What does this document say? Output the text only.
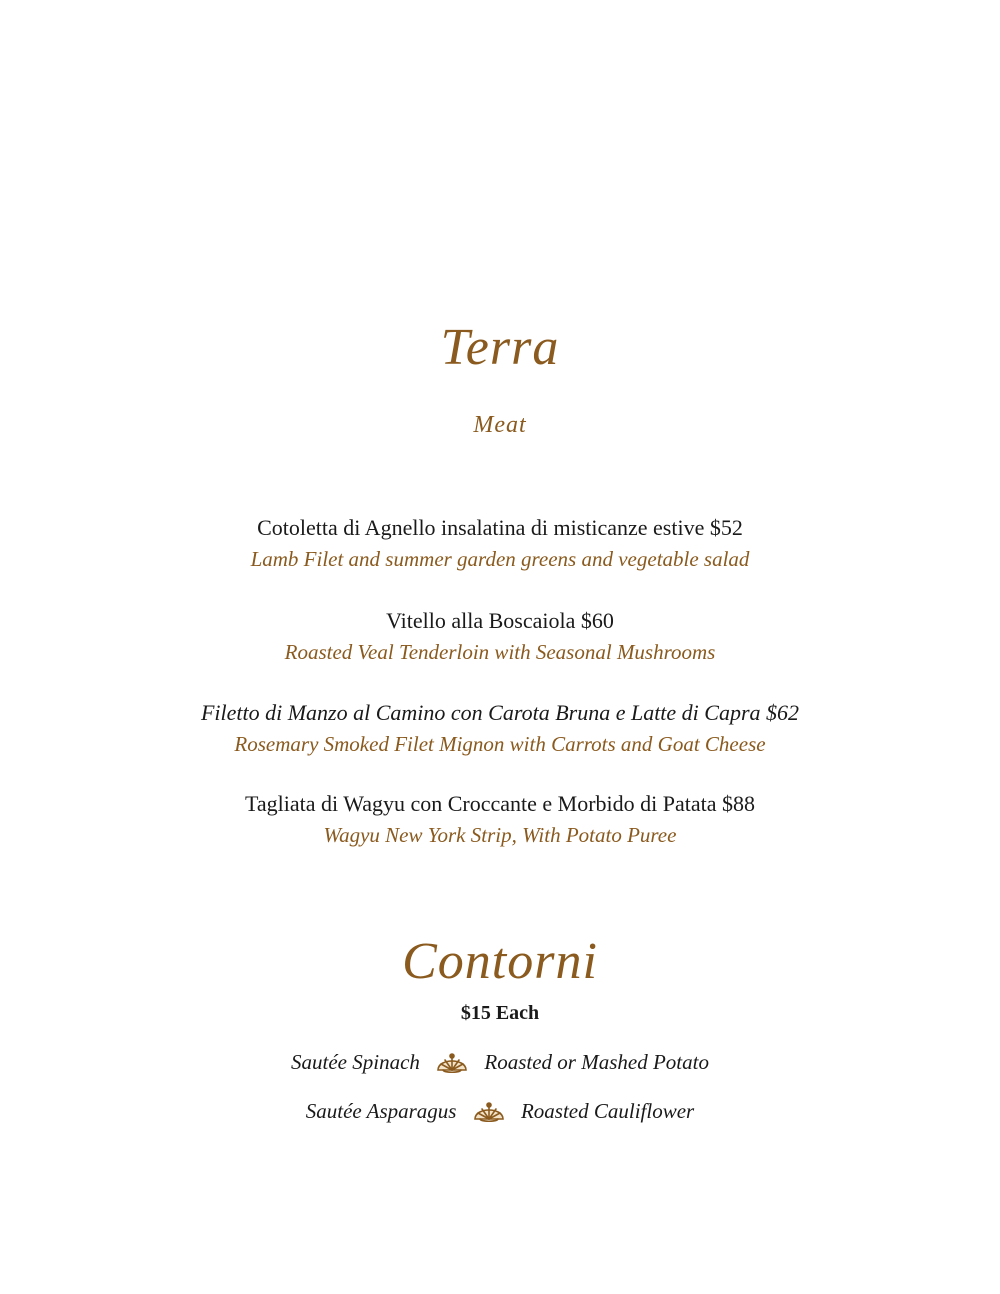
Terra
Meat
Cotoletta di Agnello insalatina di misticanze estive $52
Lamb Filet and summer garden greens and vegetable salad
Vitello alla Boscaiola $60
Roasted Veal Tenderloin with Seasonal Mushrooms
Filetto di Manzo al Camino con Carota Bruna e Latte di Capra $62
Rosemary Smoked Filet Mignon with Carrots and Goat Cheese
Tagliata di Wagyu con Croccante e Morbido di Patata $88
Wagyu New York Strip, With Potato Puree
Contorni
$15 Each
Sautée Spinach	Roasted or Mashed Potato
Sautée Asparagus	Roasted Cauliflower
